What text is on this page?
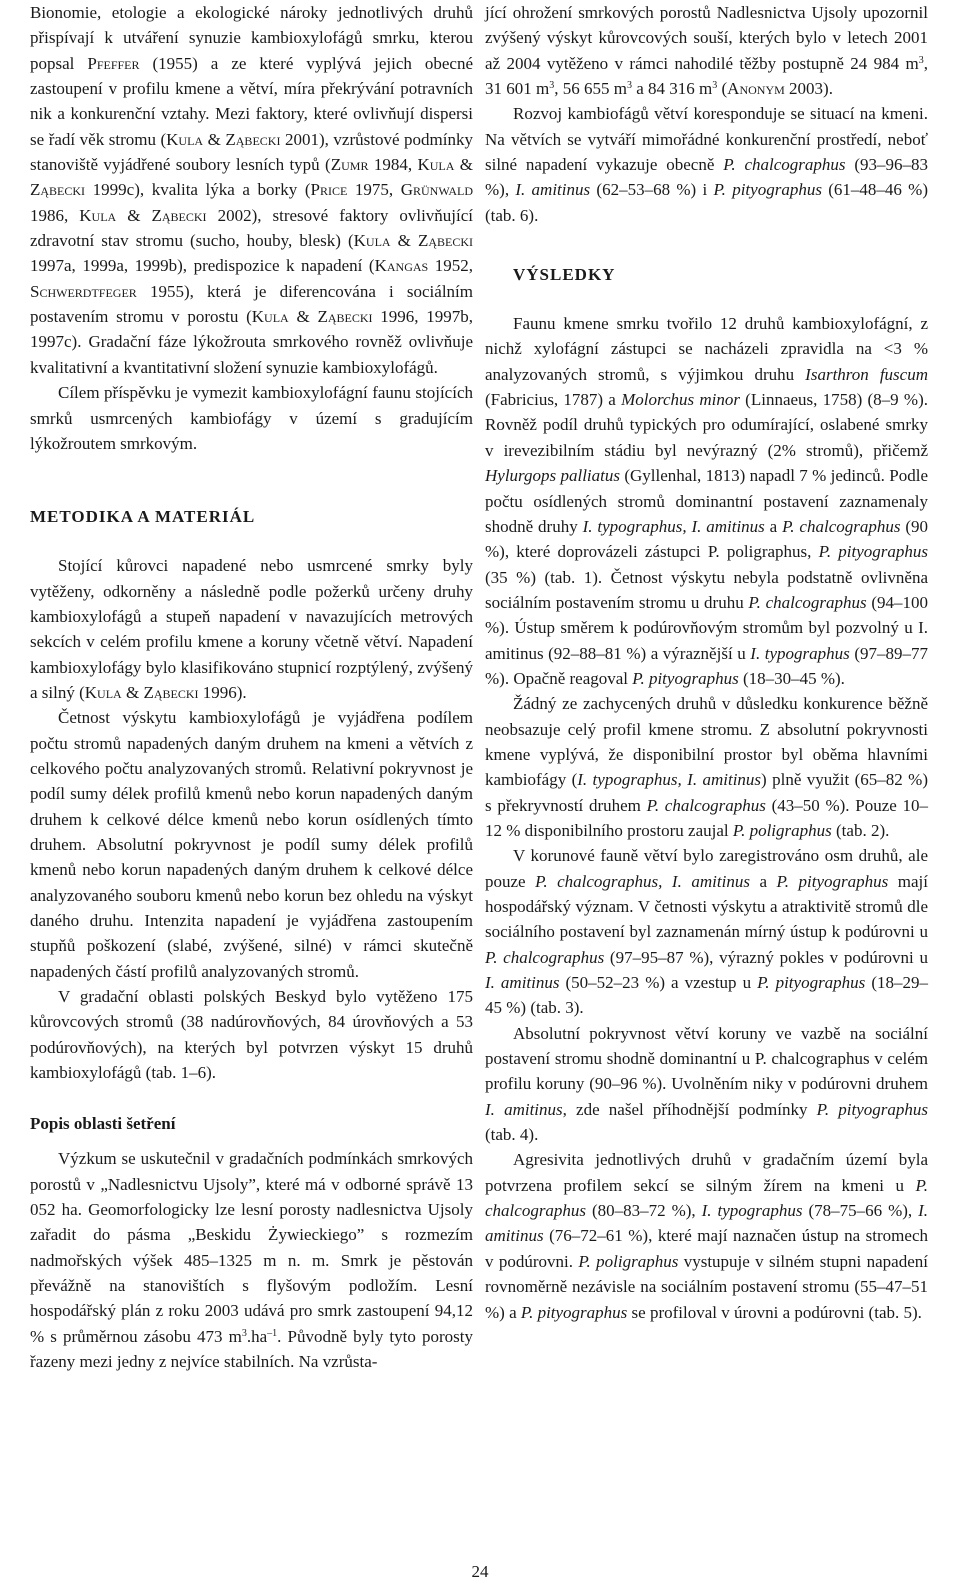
Bionomie, etologie a ekologické nároky jednotlivých druhů přispívají k utváření synuzie kambioxylofágů smrku, kterou popsal Pfeffer (1955) a ze které vyplývá jejich obecné zastoupení v profilu kmene a větví, míra překrývání potravních nik a konkurenční vztahy. Mezi faktory, které ovlivňují dispersi se řadí věk stromu (Kula & Ząbecki 2001), vzrůstové podmínky stanoviště vyjádřené soubory lesních typů (Zumr 1984, Kula & Ząbecki 1999c), kvalita lýka a borky (Price 1975, Grünwald 1986, Kula & Ząbecki 2002), stresové faktory ovlivňující zdravotní stav stromu (sucho, houby, blesk) (Kula & Ząbecki 1997a, 1999a, 1999b), predispozice k napadení (Kangas 1952, Schwerdtfeger 1955), která je diferencována i sociálním postavením stromu v porostu (Kula & Ząbecki 1996, 1997b, 1997c). Gradační fáze lýkožrouta smrkového rovněž ovlivňuje kvalitativní a kvantitativní složení synuzie kambioxylofágů.

Cílem příspěvku je vymezit kambioxylofágní faunu stojících smrků usmrcených kambiofágy v území s gradujícím lýkožroutem smrkovým.

METODIKA A MATERIÁL

Stojící kůrovci napadené nebo usmrcené smrky byly vytěženy, odkorněny a následně podle požerků určeny druhy kambioxylofágů a stupeň napadení v navazujících metrových sekcích v celém profilu kmene a koruny včetně větví. Napadení kambioxylofágy bylo klasifikováno stupnicí rozptýlený, zvýšený a silný (Kula & Ząbecki 1996).

Četnost výskytu kambioxylofágů je vyjádřena podílem počtu stromů napadených daným druhem na kmeni a větvích z celkového počtu analyzovaných stromů. Relativní pokryvnost je podíl sumy délek profilů kmenů nebo korun napadených daným druhem k celkové délce kmenů nebo korun osídlených tímto druhem. Absolutní pokryvnost je podíl sumy délek profilů kmenů nebo korun napadených daným druhem k celkové délce analyzovaného souboru kmenů nebo korun bez ohledu na výskyt daného druhu. Intenzita napadení je vyjádřena zastoupením stupňů poškození (slabé, zvýšené, silné) v rámci skutečně napadených částí profilů analyzovaných stromů.

V gradační oblasti polských Beskyd bylo vytěženo 175 kůrovcových stromů (38 nadúrovňových, 84 úrovňových a 53 podúrovňových), na kterých byl potvrzen výskyt 15 druhů kambioxylofágů (tab. 1–6).

Popis oblasti šetření

Výzkum se uskutečnil v gradačních podmínkách smrkových porostů v „Nadlesnictvu Ujsoly”, které má v odborné správě 13 052 ha. Geomorfologicky lze lesní porosty nadlesnictva Ujsoly zařadit do pásma „Beskidu Żywieckiego” s rozmezím nadmořských výšek 485–1325 m n. m. Smrk je pěstován převážně na stanovištích s flyšovým podložím. Lesní hospodářský plán z roku 2003 udává pro smrk zastoupení 94,12 % s průměrnou zásobu 473 $m^3.ha^{-1}$. Původně byly tyto porosty řazeny mezi jedny z nejvíce stabilních. Na vzrůsta-

jící ohrožení smrkových porostů Nadlesnictva Ujsoly upozornil zvýšený výskyt kůrovcových souší, kterých bylo v letech 2001 až 2004 vytěženo v rámci nahodilé těžby postupně 24 984 $m^3$, 31 601 $m^3$, 56 655 $m^3$ a 84 316 $m^3$ (Anonym 2003).

Rozvoj kambiofágů větví koresponduje se situací na kmeni. Na větvích se vytváří mimořádné konkurenční prostředí, neboť silné napadení vykazuje obecně P. chalcographus (93–96–83 %), I. amitinus (62–53–68 %) i P. pityographus (61–48–46 %) (tab. 6).

VÝSLEDKY

Faunu kmene smrku tvořilo 12 druhů kambioxylofágní, z nichž xylofágní zástupci se nacházeli zpravidla na <3 % analyzovaných stromů, s výjimkou druhu Isarthron fuscum (Fabricius, 1787) a Molorchus minor (Linnaeus, 1758) (8–9 %). Rovněž podíl druhů typických pro odumírající, oslabené smrky v irevezibilním stádiu byl nevýrazný (2% stromů), přičemž Hylurgops palliatus (Gyllenhal, 1813) napadl 7 % jedinců. Podle počtu osídlených stromů dominantní postavení zaznamenaly shodně druhy I. typographus, I. amitinus a P. chalcographus (90 %), které doprovázeli zástupci P. poligraphus, P. pityographus (35 %) (tab. 1). Četnost výskytu nebyla podstatně ovlivněna sociálním postavením stromu u druhu P. chalcographus (94–100 %). Ústup směrem k podúrovňovým stromům byl pozvolný u I. amitinus (92–88–81 %) a výraznější u I. typographus (97–89–77 %). Opačně reagoval P. pityographus (18–30–45 %).

Žádný ze zachycených druhů v důsledku konkurence běžně neobsazuje celý profil kmene stromu. Z absolutní pokryvnosti kmene vyplývá, že disponibilní prostor byl oběma hlavními kambiofágy (I. typographus, I. amitinus) plně využit (65–82 %) s překryvností druhem P. chalcographus (43–50 %). Pouze 10–12 % disponibilního prostoru zaujal P. poligraphus (tab. 2).

V korunové fauně větví bylo zaregistrováno osm druhů, ale pouze P. chalcographus, I. amitinus a P. pityographus mají hospodářský význam. V četnosti výskytu a atraktivitě stromů dle sociálního postavení byl zaznamenán mírný ústup k podúrovni u P. chalcographus (97–95–87 %), výrazný pokles v podúrovni u I. amitinus (50–52–23 %) a vzestup u P. pityographus (18–29–45 %) (tab. 3).

Absolutní pokryvnost větví koruny ve vazbě na sociální postavení stromu shodně dominantní u P. chalcographus v celém profilu koruny (90–96 %). Uvolněním niky v podúrovni druhem I. amitinus, zde našel příhodnější podmínky P. pityographus (tab. 4).

Agresivita jednotlivých druhů v gradačním území byla potvrzena profilem sekcí se silným žírem na kmeni u P. chalcographus (80–83–72 %), I. typographus (78–75–66 %), I. amitinus (76–72–61 %), které mají naznačen ústup na stromech v podúrovni. P. poligraphus vystupuje v silném stupni napadení rovnoměrně nezávisle na sociálním postavení stromu (55–47–51 %) a P. pityographus se profiloval v úrovni a podúrovni (tab. 5).

24
